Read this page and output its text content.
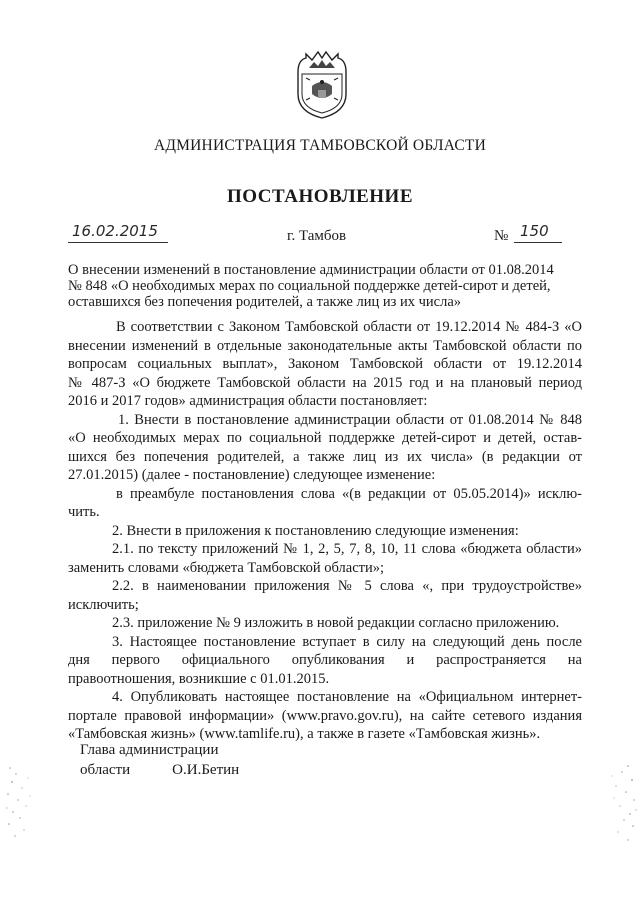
АДМИНИСТРАЦИЯ ТАМБОВСКОЙ ОБЛАСТИ
ПОСТАНОВЛЕНИЕ
16.02.2015	г. Тамбов	№ 150
О внесении изменений в постановление администрации области от 01.08.2014
№ 848 «О необходимых мерах по социальной поддержке детей-сирот и детей,
оставшихся без попечения родителей, а также лиц из их числа»
В соответствии с Законом Тамбовской области от 19.12.2014 № 484-З «О
внесении изменений в отдельные законодательные акты Тамбовской области по
вопросам социальных выплат», Законом Тамбовской области от 19.12.2014
№ 487-З «О бюджете Тамбовской области на 2015 год и на плановый период
2016 и 2017 годов» администрация области постановляет:
1. Внести в постановление администрации области от 01.08.2014 № 848
«О необходимых мерах по социальной поддержке детей-сирот и детей, остав-
шихся без попечения родителей, а также лиц из их числа» (в редакции от
27.01.2015) (далее - постановление) следующее изменение:
в преамбуле постановления слова «(в редакции от 05.05.2014)» исклю-
чить.
2. Внести в приложения к постановлению следующие изменения:
2.1. по тексту приложений № 1, 2, 5, 7, 8, 10, 11 слова «бюджета области»
заменить словами «бюджета Тамбовской области»;
2.2. в наименовании приложения № 5 слова «, при трудоустройстве»
исключить;
2.3. приложение № 9 изложить в новой редакции согласно приложению.
3. Настоящее постановление вступает в силу на следующий день после
дня первого официального опубликования и распространяется на
правоотношения, возникшие с 01.01.2015.
4. Опубликовать настоящее постановление на «Официальном интернет-
портале правовой информации» (www.pravo.gov.ru), на сайте сетевого издания
«Тамбовская жизнь» (www.tamlife.ru), а также в газете «Тамбовская жизнь».
Глава администрации
области	О.И.Бетин
